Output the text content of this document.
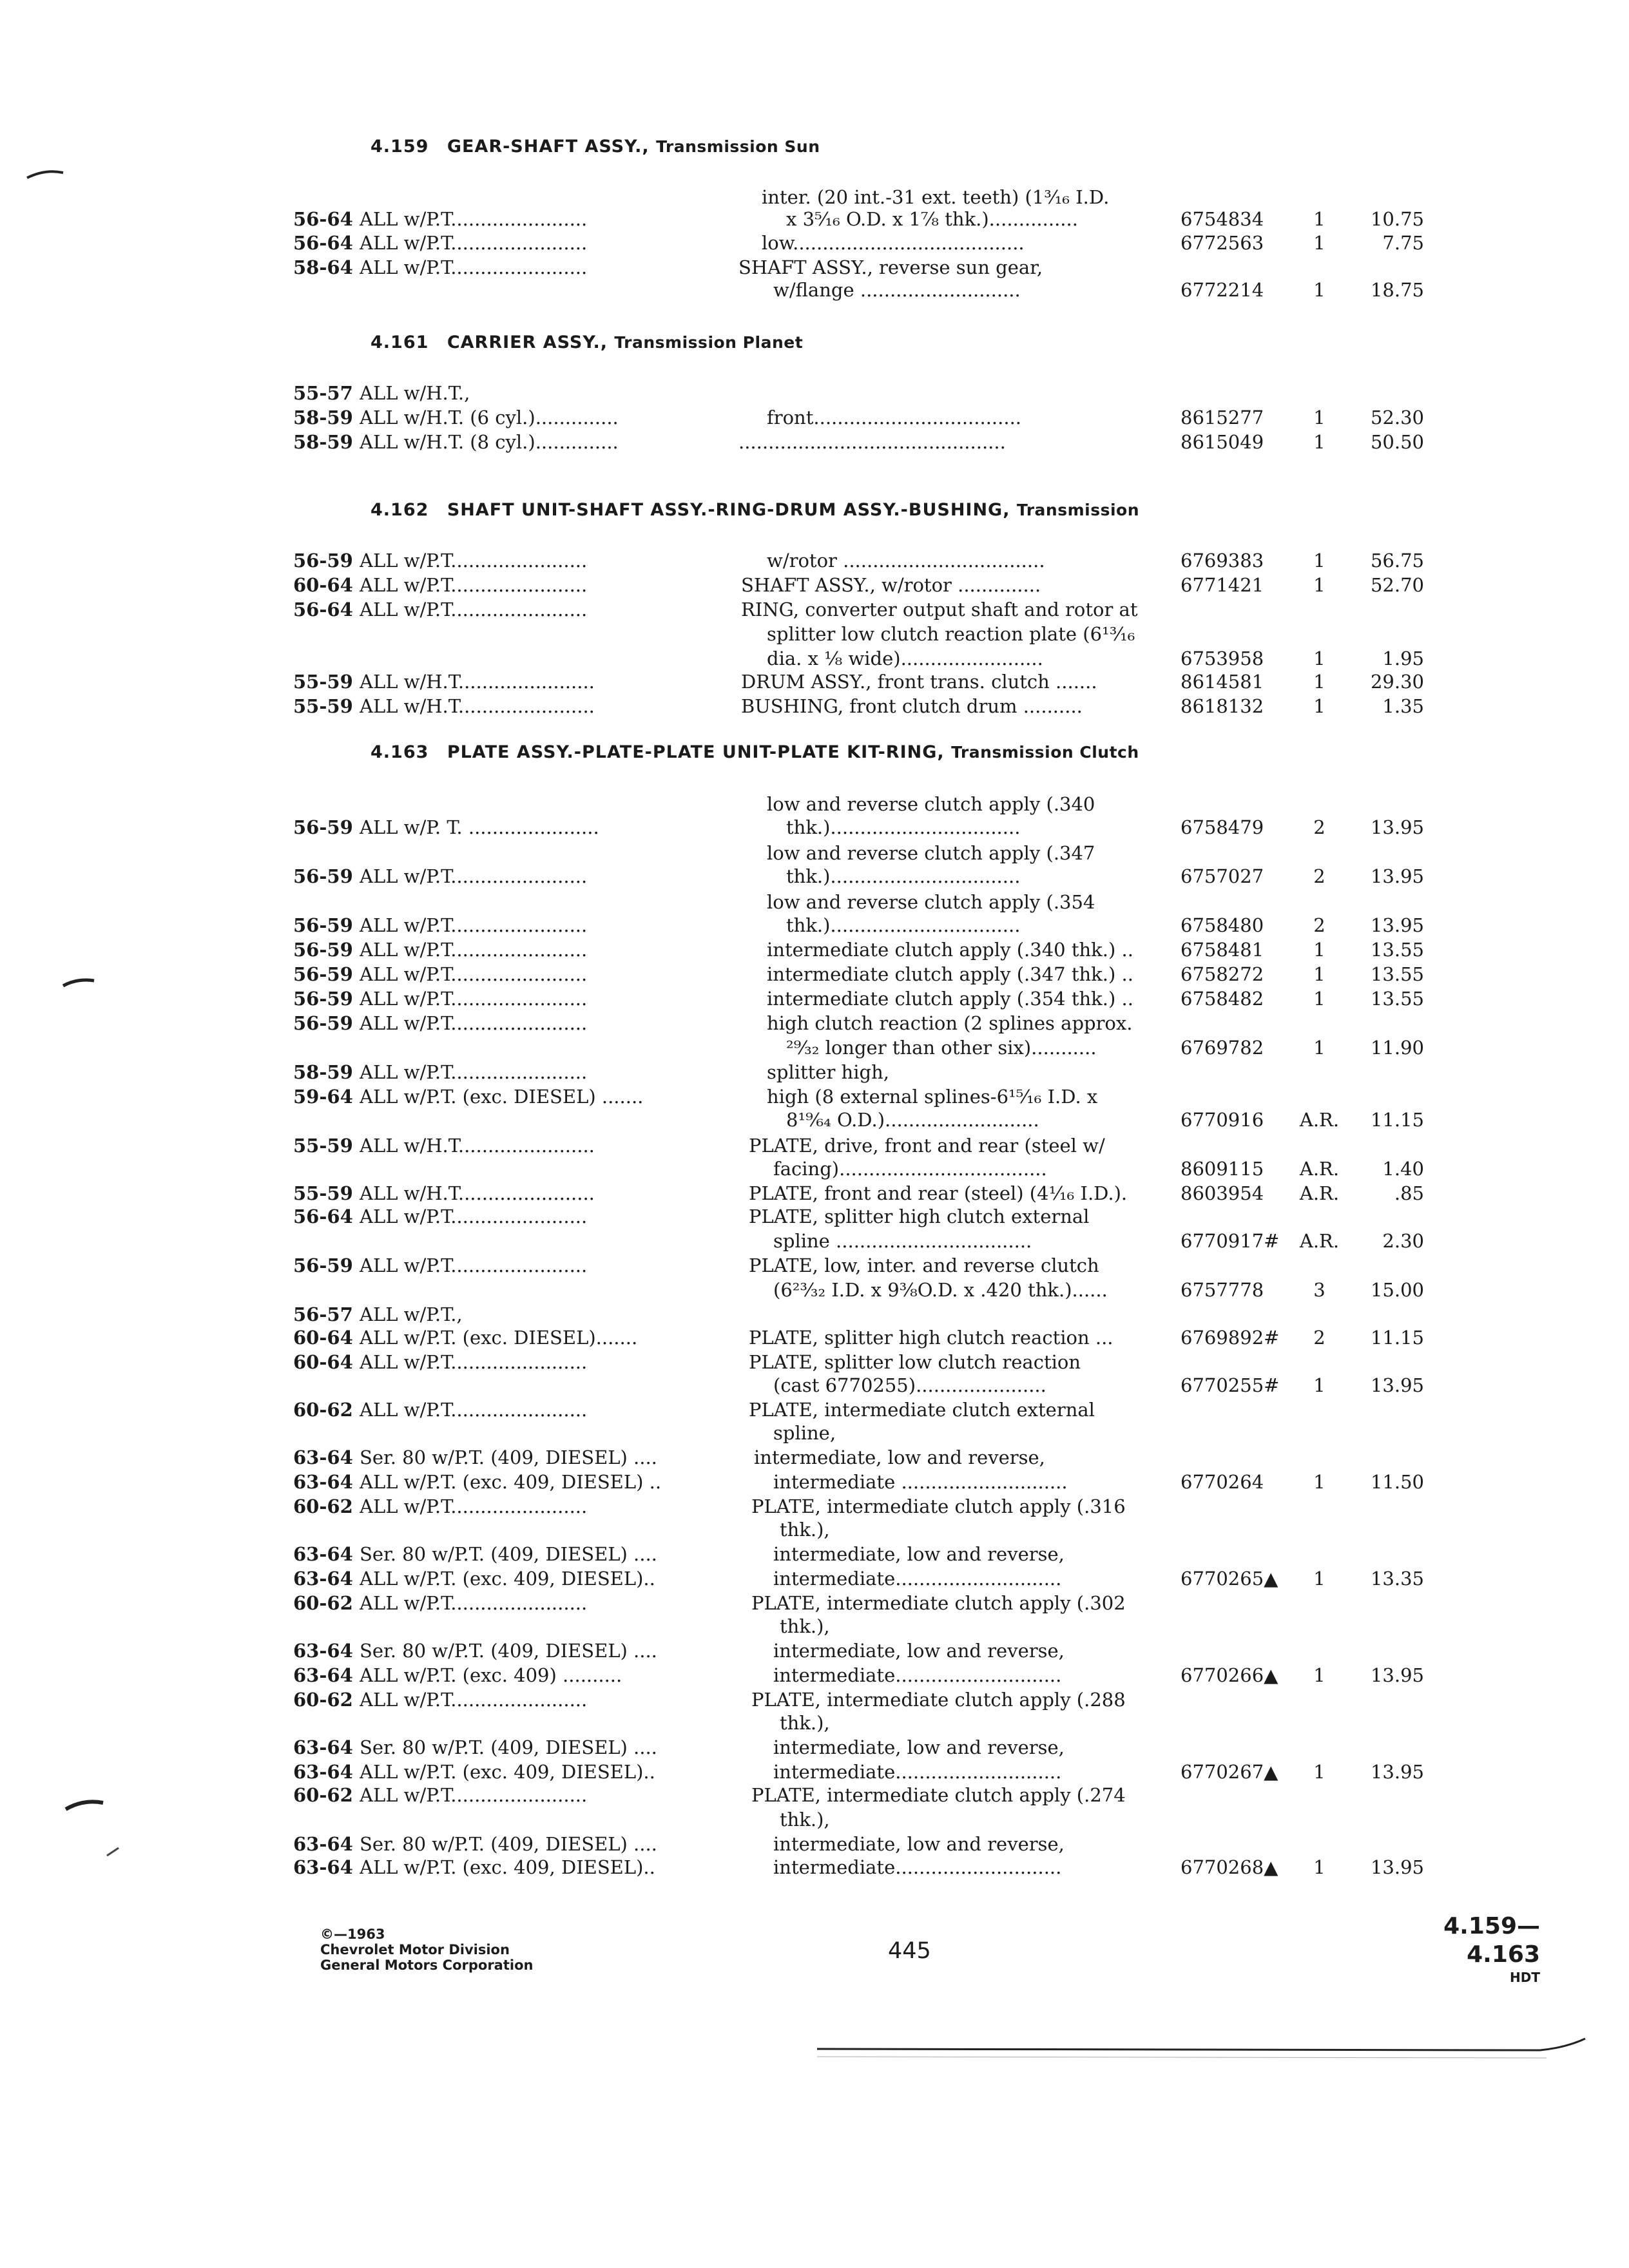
4.159 GEAR-SHAFT ASSY., Transmission Sun
4.161 CARRIER ASSY., Transmission Planet
4.162 SHAFT UNIT-SHAFT ASSY.-RING-DRUM ASSY.-BUSHING, Transmission
4.163 PLATE ASSY.-PLATE-PLATE UNIT-PLATE KIT-RING, Transmission Clutch
inter. (20 int.-31 ext. teeth) (1³⁄₁₆ I.D.
56-64 ALL w/P.T.......................	x 3⁵⁄₁₆ O.D. x 1⁷⁄₈ thk.)...............	6754834	1	10.75
56-64 ALL w/P.T.......................	low.......................................	6772563	1	7.75
58-64 ALL w/P.T.......................	SHAFT ASSY., reverse sun gear,
w/flange ...........................	6772214	1	18.75
55-57 ALL w/H.T.,
58-59 ALL w/H.T. (6 cyl.)..............	front...................................	8615277	1	52.30
58-59 ALL w/H.T. (8 cyl.)..............	.............................................	8615049	1	50.50
56-59 ALL w/P.T.......................	w/rotor ..................................	6769383	1	56.75
60-64 ALL w/P.T.......................	SHAFT ASSY., w/rotor ..............	6771421	1	52.70
56-64 ALL w/P.T.......................	RING, converter output shaft and rotor at
splitter low clutch reaction plate (6¹³⁄₁₆
dia. x ¹⁄₈ wide)........................	6753958	1	1.95
55-59 ALL w/H.T.......................	DRUM ASSY., front trans. clutch .......	8614581	1	29.30
55-59 ALL w/H.T.......................	BUSHING, front clutch drum ..........	8618132	1	1.35
low and reverse clutch apply (.340
56-59 ALL w/P. T. ......................	thk.)................................	6758479	2	13.95
low and reverse clutch apply (.347
56-59 ALL w/P.T.......................	thk.)................................	6757027	2	13.95
low and reverse clutch apply (.354
56-59 ALL w/P.T.......................	thk.)................................	6758480	2	13.95
56-59 ALL w/P.T.......................	intermediate clutch apply (.340 thk.) ..	6758481	1	13.55
56-59 ALL w/P.T.......................	intermediate clutch apply (.347 thk.) ..	6758272	1	13.55
56-59 ALL w/P.T.......................	intermediate clutch apply (.354 thk.) ..	6758482	1	13.55
56-59 ALL w/P.T.......................	high clutch reaction (2 splines approx.
²⁹⁄₃₂ longer than other six)...........	6769782	1	11.90
58-59 ALL w/P.T.......................	splitter high,
59-64 ALL w/P.T. (exc. DIESEL) .......	high (8 external splines-6¹⁵⁄₁₆ I.D. x
8¹⁹⁄₆₄ O.D.)..........................	6770916	A.R.	11.15
55-59 ALL w/H.T.......................	PLATE, drive, front and rear (steel w/
facing)...................................	8609115	A.R.	1.40
55-59 ALL w/H.T.......................	PLATE, front and rear (steel) (4¹⁄₁₆ I.D.).	8603954	A.R.	.85
56-64 ALL w/P.T.......................	PLATE, splitter high clutch external
spline .................................	6770917#	A.R.	2.30
56-59 ALL w/P.T.......................	PLATE, low, inter. and reverse clutch
(6²³⁄₃₂ I.D. x 9³⁄₈O.D. x .420 thk.)......	6757778	3	15.00
56-57 ALL w/P.T.,
60-64 ALL w/P.T. (exc. DIESEL).......	PLATE, splitter high clutch reaction ...	6769892#	2	11.15
60-64 ALL w/P.T.......................	PLATE, splitter low clutch reaction
(cast 6770255)......................	6770255#	1	13.95
60-62 ALL w/P.T.......................	PLATE, intermediate clutch external
spline,
63-64 Ser. 80 w/P.T. (409, DIESEL) ....	intermediate, low and reverse,
63-64 ALL w/P.T. (exc. 409, DIESEL) ..	intermediate ............................	6770264	1	11.50
60-62 ALL w/P.T.......................	PLATE, intermediate clutch apply (.316
thk.),
63-64 Ser. 80 w/P.T. (409, DIESEL) ....	intermediate, low and reverse,
63-64 ALL w/P.T. (exc. 409, DIESEL)..	intermediate............................	6770265▲	1	13.35
60-62 ALL w/P.T.......................	PLATE, intermediate clutch apply (.302
thk.),
63-64 Ser. 80 w/P.T. (409, DIESEL) ....	intermediate, low and reverse,
63-64 ALL w/P.T. (exc. 409) ..........	intermediate............................	6770266▲	1	13.95
60-62 ALL w/P.T.......................	PLATE, intermediate clutch apply (.288
thk.),
63-64 Ser. 80 w/P.T. (409, DIESEL) ....	intermediate, low and reverse,
63-64 ALL w/P.T. (exc. 409, DIESEL)..	intermediate............................	6770267▲	1	13.95
60-62 ALL w/P.T.......................	PLATE, intermediate clutch apply (.274
thk.),
63-64 Ser. 80 w/P.T. (409, DIESEL) ....	intermediate, low and reverse,
63-64 ALL w/P.T. (exc. 409, DIESEL)..	intermediate............................	6770268▲	1	13.95
©—1963
Chevrolet Motor Division
General Motors Corporation
445
4.159—4.163
HDT
